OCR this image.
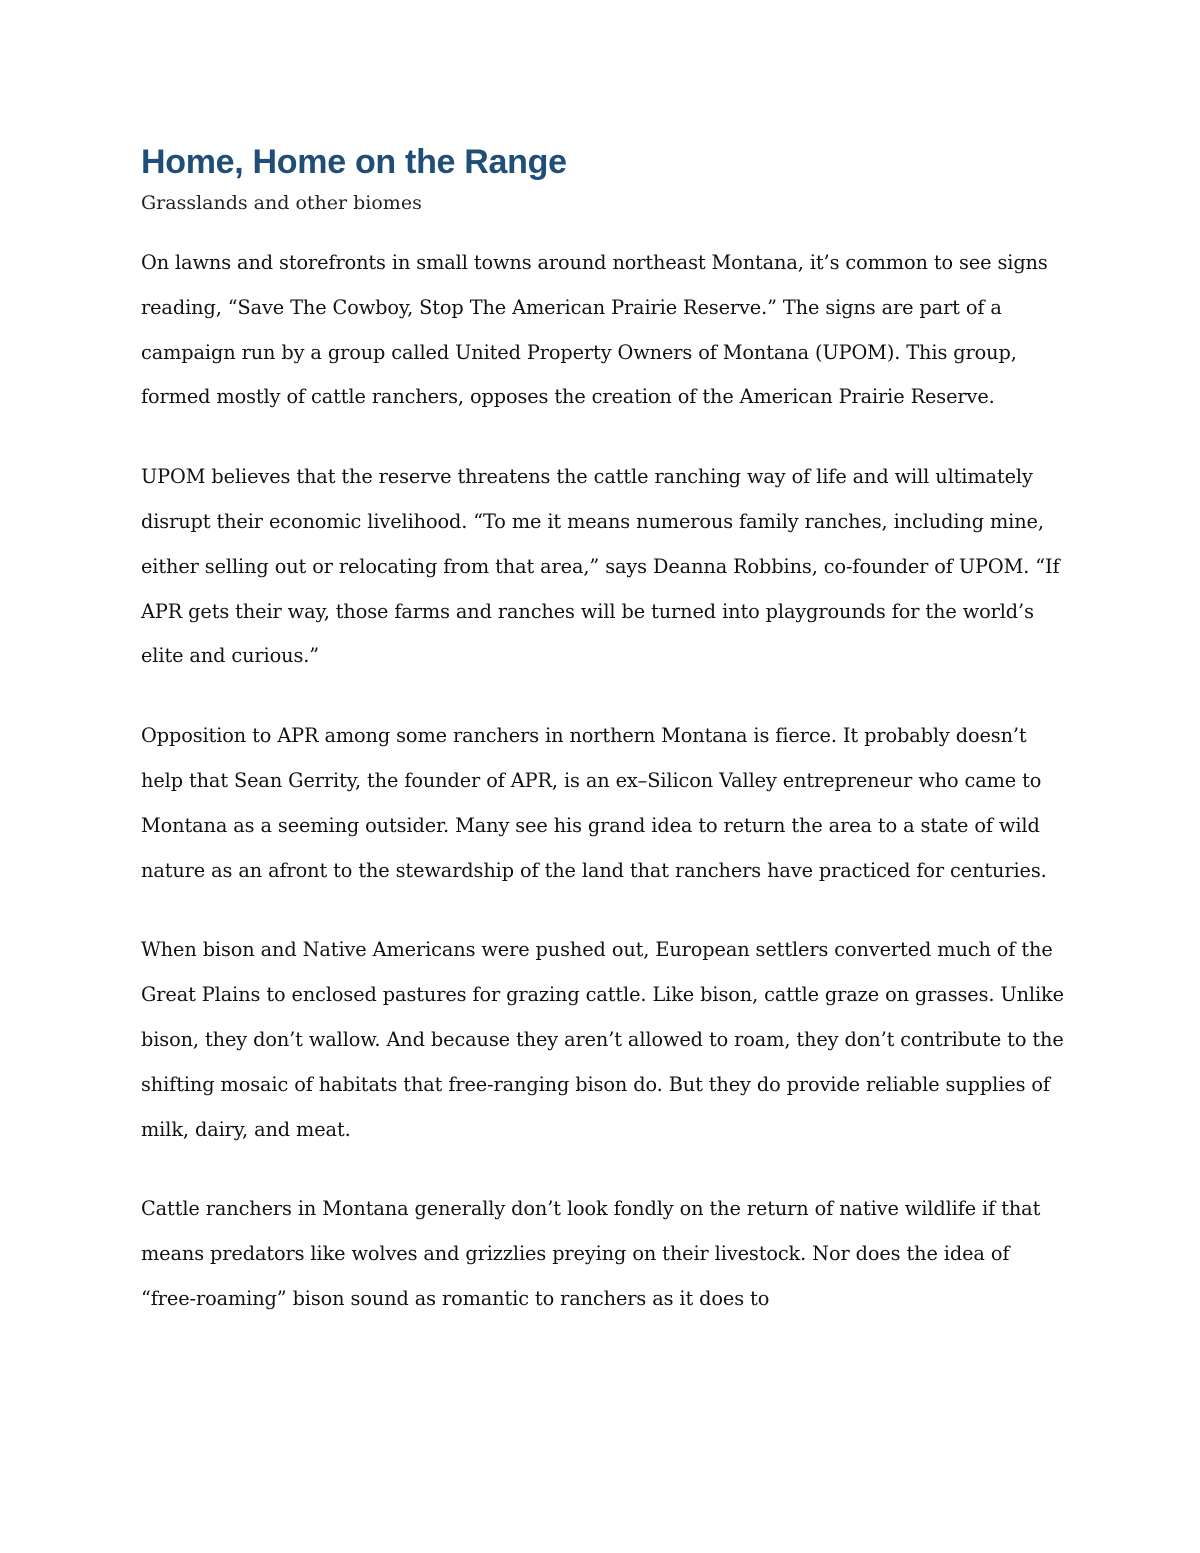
Home, Home on the Range
Grasslands and other biomes

On lawns and storefronts in small towns around northeast Montana, it’s common to see signs reading, “Save The Cowboy, Stop The American Prairie Reserve.” The signs are part of a campaign run by a group called United Property Owners of Montana (UPOM). This group, formed mostly of cattle ranchers, opposes the creation of the American Prairie Reserve.

UPOM believes that the reserve threatens the cattle ranching way of life and will ultimately disrupt their economic livelihood. “To me it means numerous family ranches, including mine, either selling out or relocating from that area,” says Deanna Robbins, co-founder of UPOM. “If APR gets their way, those farms and ranches will be turned into playgrounds for the world’s elite and curious.”

Opposition to APR among some ranchers in northern Montana is fierce. It probably doesn’t help that Sean Gerrity, the founder of APR, is an ex–Silicon Valley entrepreneur who came to Montana as a seeming outsider. Many see his grand idea to return the area to a state of wild nature as an afront to the stewardship of the land that ranchers have practiced for centuries.

When bison and Native Americans were pushed out, European settlers converted much of the Great Plains to enclosed pastures for grazing cattle. Like bison, cattle graze on grasses. Unlike bison, they don’t wallow. And because they aren’t allowed to roam, they don’t contribute to the shifting mosaic of habitats that free-ranging bison do. But they do provide reliable supplies of milk, dairy, and meat.

Cattle ranchers in Montana generally don’t look fondly on the return of native wildlife if that means predators like wolves and grizzlies preying on their livestock. Nor does the idea of “free-roaming” bison sound as romantic to ranchers as it does to
